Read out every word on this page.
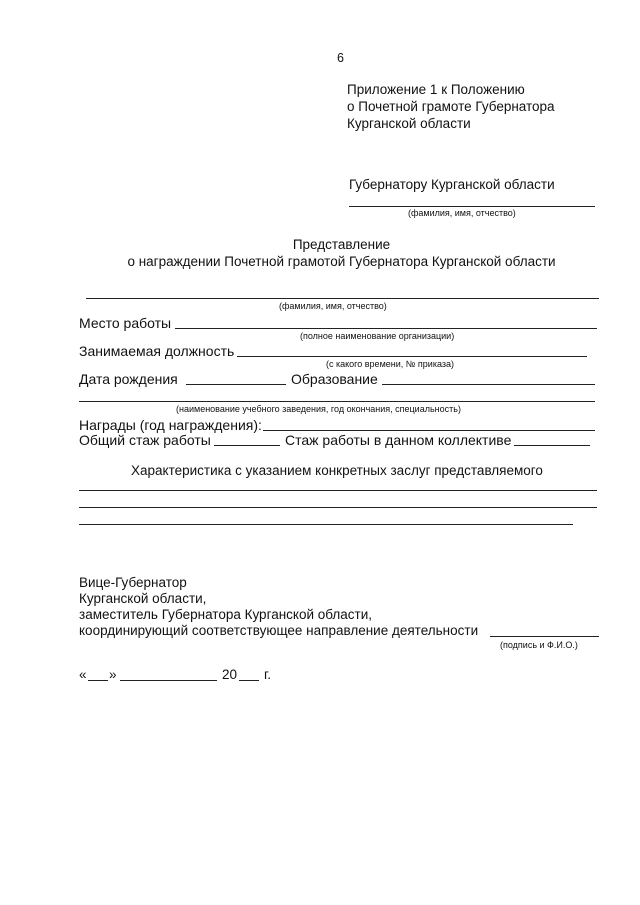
6
Приложение 1 к Положению
о Почетной грамоте Губернатора
Курганской области
Губернатору Курганской области
(фамилия, имя, отчество)
Представление
о награждении Почетной грамотой Губернатора Курганской области
(фамилия, имя, отчество)
Место работы
(полное наименование организации)
Занимаемая должность
(с какого времени, № приказа)
Дата рождения	Образование
(наименование учебного заведения, год окончания, специальность)
Награды (год награждения):
Общий стаж работы	Стаж работы в данном коллективе
Характеристика с указанием конкретных заслуг представляемого
Вице-Губернатор
Курганской области,
заместитель Губернатора Курганской области,
координирующий соответствующее направление деятельности
(подпись и Ф.И.О.)
« »	20 г.
